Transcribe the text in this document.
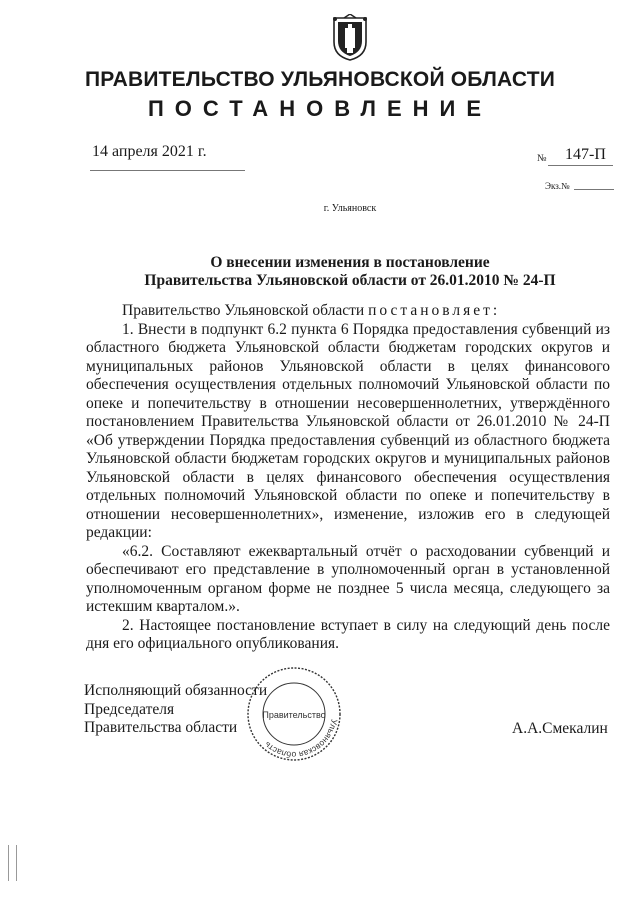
ПРАВИТЕЛЬСТВО УЛЬЯНОВСКОЙ ОБЛАСТИ
ПОСТАНОВЛЕНИЕ
14 апреля 2021 г.	№ 147-П
Экз.№
г. Ульяновск
О внесении изменения в постановление
Правительства Ульяновской области от 26.01.2010 № 24-П

Правительство Ульяновской области постановляет:

1. Внести в подпункт 6.2 пункта 6 Порядка предоставления субвенций из областного бюджета Ульяновской области бюджетам городских округов и муниципальных районов Ульяновской области в целях финансового обеспечения осуществления отдельных полномочий Ульяновской области по опеке и попечительству в отношении несовершеннолетних, утверждённого постановлением Правительства Ульяновской области от 26.01.2010 № 24-П «Об утверждении Порядка предоставления субвенций из областного бюджета Ульяновской области бюджетам городских округов и муниципальных районов Ульяновской области в целях финансового обеспечения осуществления отдельных полномочий Ульяновской области по опеке и попечительству в отношении несовершеннолетних», изменение, изложив его в следующей редакции:

«6.2. Составляют ежеквартальный отчёт о расходовании субвенций и обеспечивают его представление в уполномоченный орган в установленной уполномоченным органом форме не позднее 5 числа месяца, следующего за истекшим кварталом.».

2. Настоящее постановление вступает в силу на следующий день после дня его официального опубликования.

Исполняющий обязанности
Председателя
Правительства области	Ульяновская область
Правительство
А.А.Смекалин
